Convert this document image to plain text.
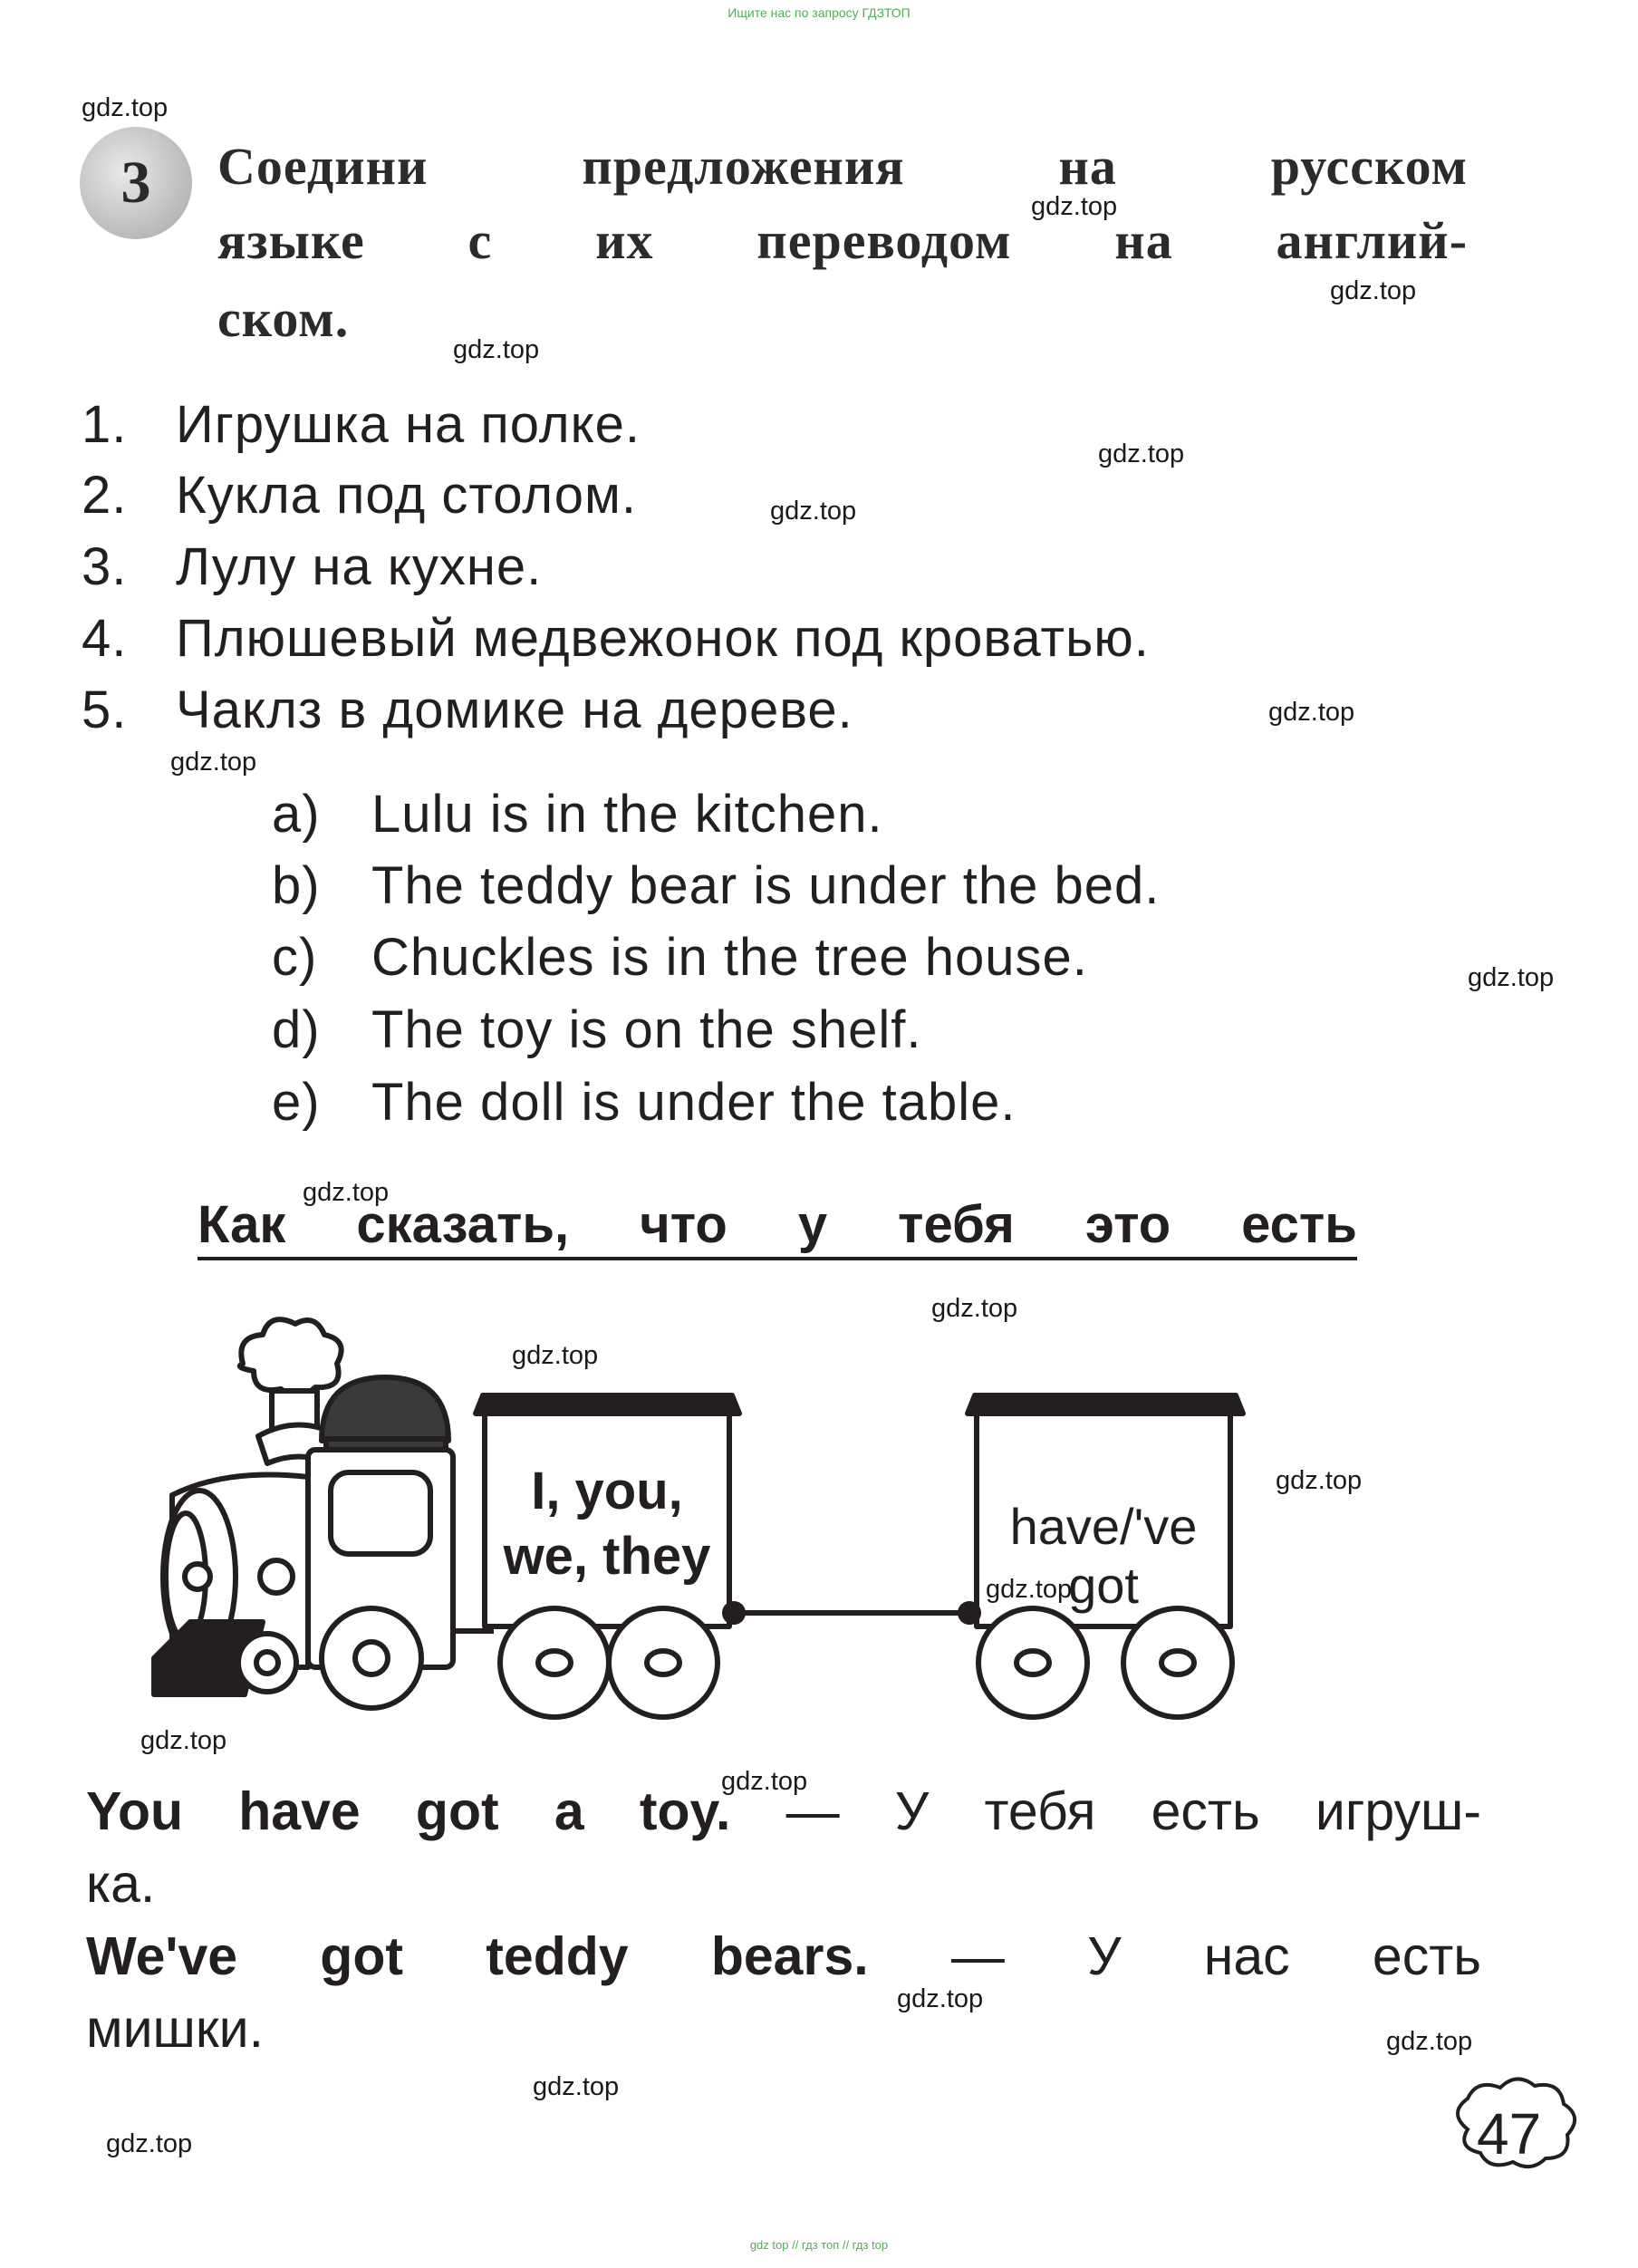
Ищите нас по запросу ГДЗТОП
3	Соедини	предложения	на	русском
языке с их переводом на англий-
ском.
1. Игрушка на полке.
2. Кукла под столом.
3. Лулу на кухне.
4. Плюшевый медвежонок под кроватью.
5. Чаклз в домике на дереве.
a) Lulu is in the kitchen.
b) The teddy bear is under the bed.
c) Chuckles is in the tree house.
d) The toy is on the shelf.
e) The doll is under the table.
Как сказать, что у тебя это есть
I, you,
we, they
have/'ve got
You have got a toy. — У тебя есть игруш-
ка.
We've got teddy bears. — У нас есть
мишки.
47
gdz.top
gdz.top
gdz.top
gdz.top
gdz.top
gdz.top
gdz.top
gdz.top
gdz.top
gdz.top
gdz.top
gdz.top
gdz.top
gdz.top
gdz.top
gdz.top
gdz.top
gdz.top
gdz.top
gdz.top
gdz top // гдз топ // гдз top
